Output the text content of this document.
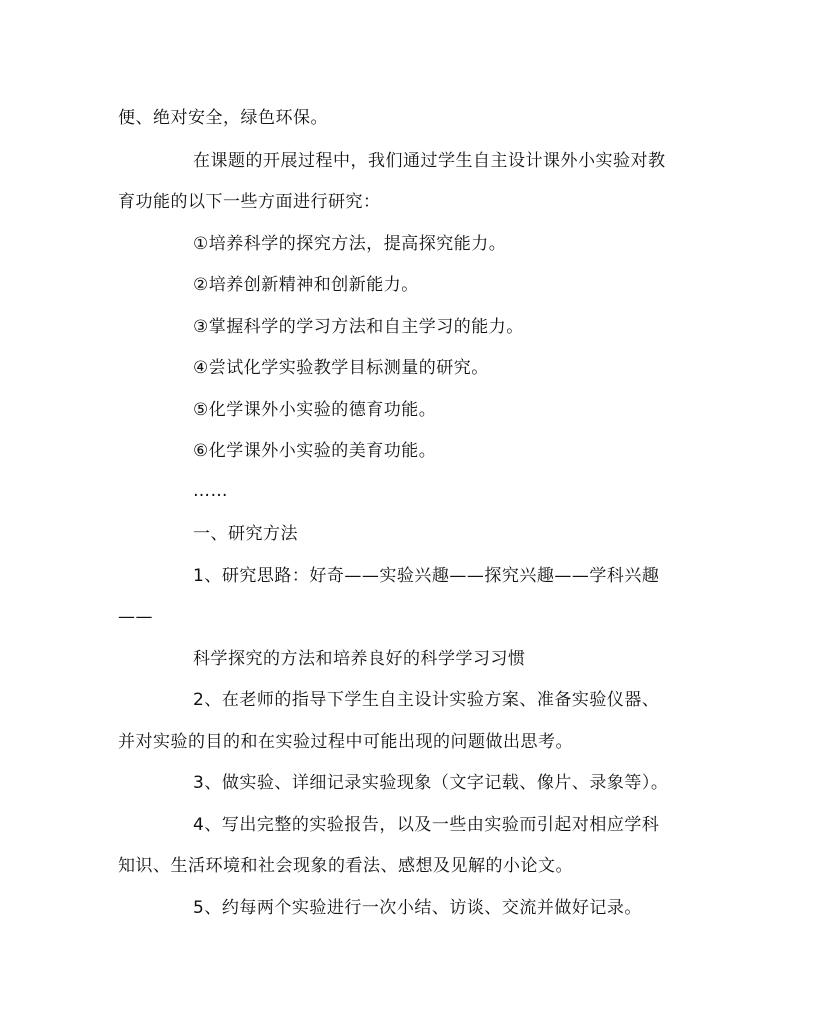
便、绝对安全，绿色环保。
在课题的开展过程中，我们通过学生自主设计课外小实验对教
育功能的以下一些方面进行研究：
①培养科学的探究方法，提高探究能力。
②培养创新精神和创新能力。
③掌握科学的学习方法和自主学习的能力。
④尝试化学实验教学目标测量的研究。
⑤化学课外小实验的德育功能。
⑥化学课外小实验的美育功能。
……
一、研究方法
1、研究思路：好奇——实验兴趣——探究兴趣——学科兴趣
——
科学探究的方法和培养良好的科学学习习惯
2、在老师的指导下学生自主设计实验方案、准备实验仪器、
并对实验的目的和在实验过程中可能出现的问题做出思考。
3、做实验、详细记录实验现象（文字记载、像片、录象等）。
4、写出完整的实验报告，以及一些由实验而引起对相应学科
知识、生活环境和社会现象的看法、感想及见解的小论文。
5、约每两个实验进行一次小结、访谈、交流并做好记录。
